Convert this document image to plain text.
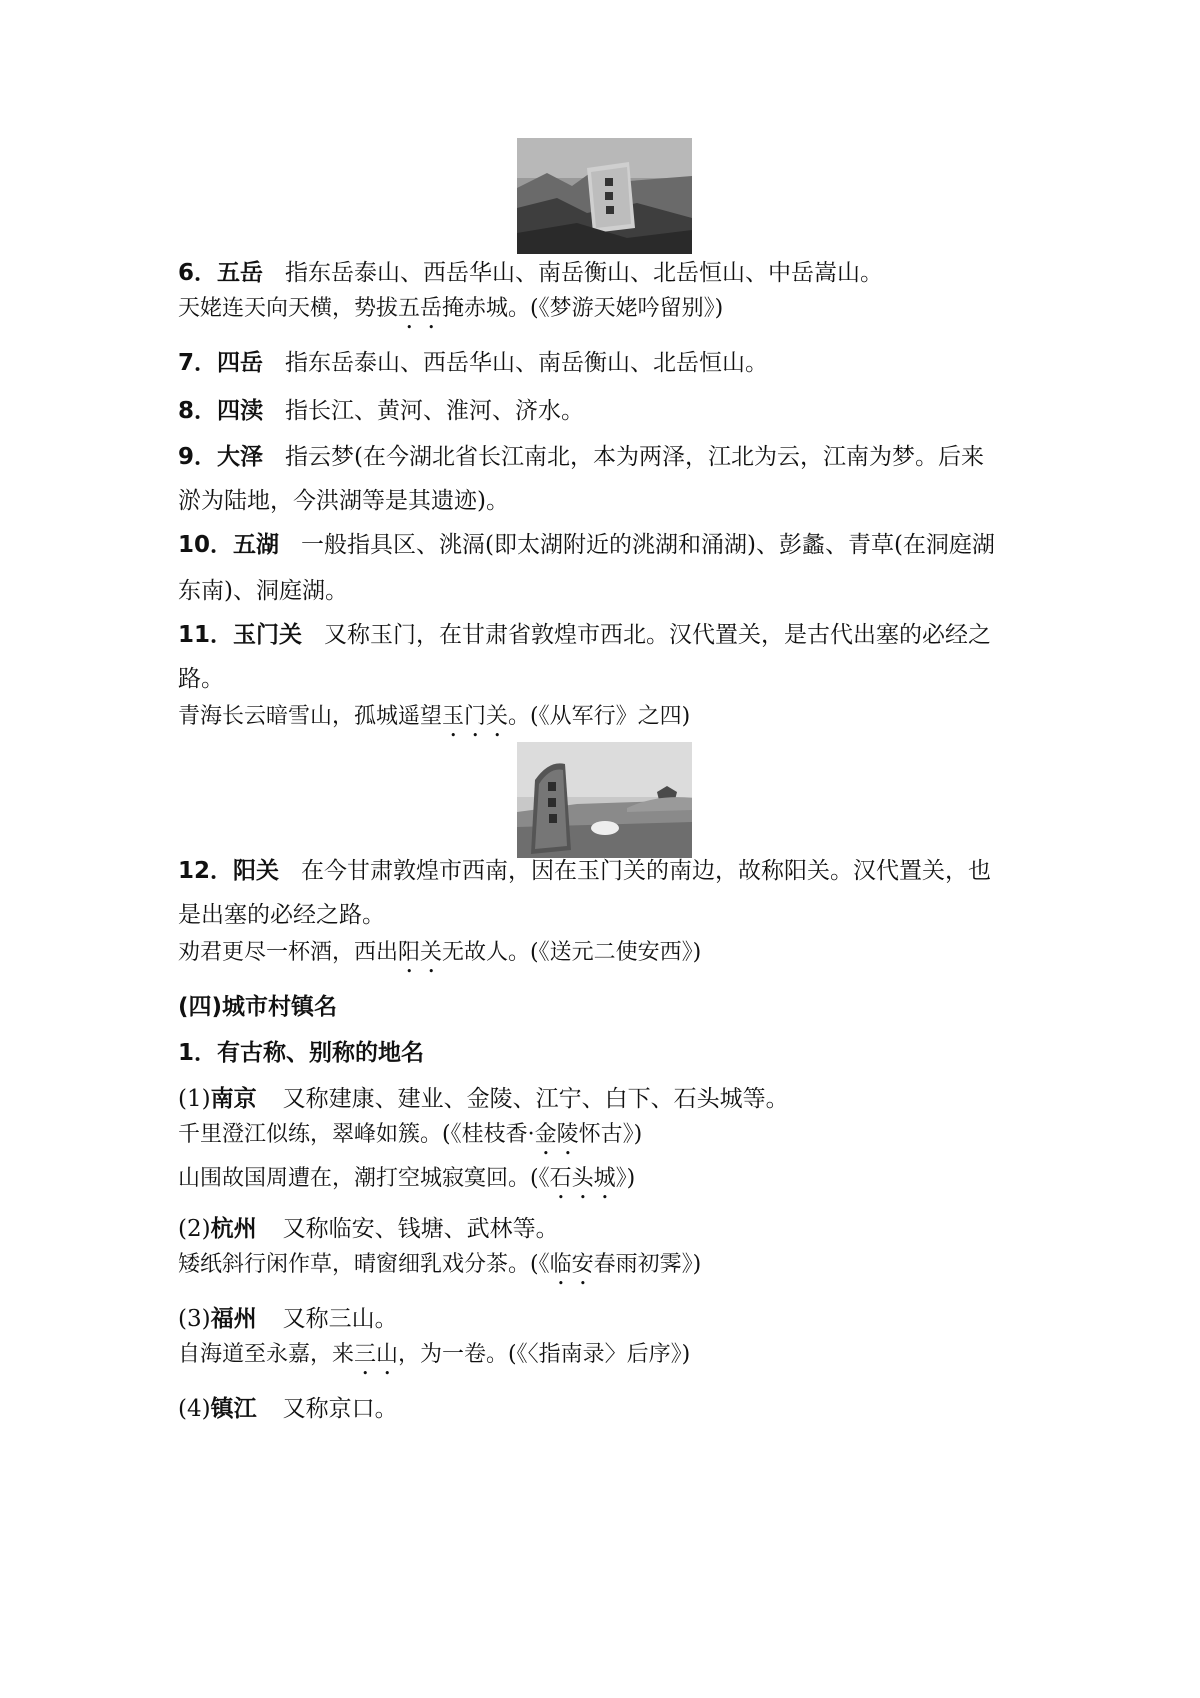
6．五岳 指东岳泰山、西岳华山、南岳衡山、北岳恒山、中岳嵩山。
天姥连天向天横，势拔五岳掩赤城。(《梦游天姥吟留别》)
7．四岳 指东岳泰山、西岳华山、南岳衡山、北岳恒山。
8．四渎 指长江、黄河、淮河、济水。
9．大泽 指云梦(在今湖北省长江南北，本为两泽，江北为云，江南为梦。后来
淤为陆地，今洪湖等是其遗迹)。
10．五湖 一般指具区、洮滆(即太湖附近的洮湖和涌湖)、彭蠡、青草(在洞庭湖
东南)、洞庭湖。
11．玉门关 又称玉门，在甘肃省敦煌市西北。汉代置关，是古代出塞的必经之
路。
青海长云暗雪山，孤城遥望玉门关。(《从军行》之四)
12．阳关 在今甘肃敦煌市西南，因在玉门关的南边，故称阳关。汉代置关，也
是出塞的必经之路。
劝君更尽一杯酒，西出阳关无故人。(《送元二使安西》)
(四)城市村镇名
1．有古称、别称的地名
(1)南京 又称建康、建业、金陵、江宁、白下、石头城等。
千里澄江似练，翠峰如簇。(《桂枝香·金陵怀古》)
山围故国周遭在，潮打空城寂寞回。(《石头城》)
(2)杭州 又称临安、钱塘、武林等。
矮纸斜行闲作草，晴窗细乳戏分茶。(《临安春雨初霁》)
(3)福州 又称三山。
自海道至永嘉，来三山，为一卷。(《〈指南录〉后序》)
(4)镇江 又称京口。
